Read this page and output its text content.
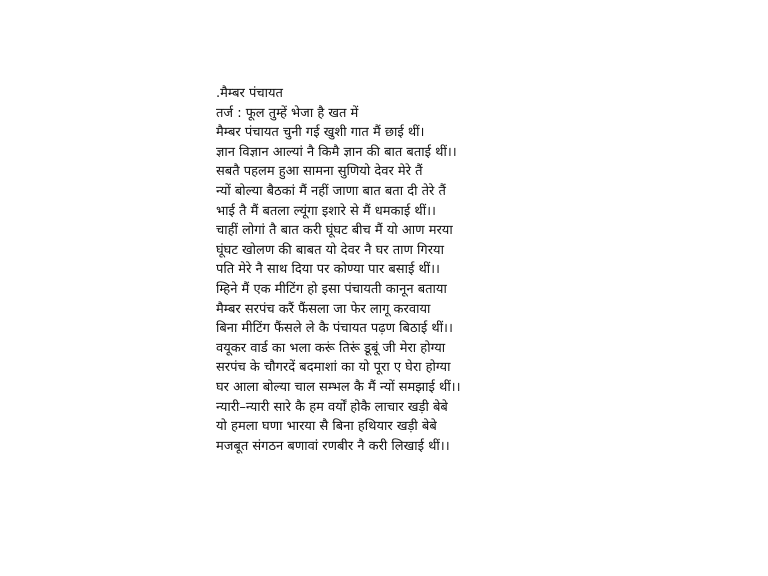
.मैम्बर पंचायत
तर्ज : फूल तुम्हें भेजा है खत में
मैम्बर पंचायत चुनी गई खुशी गात मैं छाई थीं।
ज्ञान विज्ञान आल्यां नै किमै ज्ञान की बात बताई थीं।।
सबतै पहलम हुआ सामना सुणियो देवर मेरे तैं
न्यों बोल्या बैठकां मैं नहीं जाणा बात बता दी तेरे तैं
भाई तै मैं बतला ल्यूंगा इशारे से मैं धमकाई थीं।।
चाहीं लोगां तै बात करी घूंघट बीच मैं यो आण मरया
घूंघट खोलण की बाबत यो देवर नै घर ताण गिरया
पति मेरे नै साथ दिया पर कोण्या पार बसाई थीं।।
म्हिने मैं एक मीटिंग हो इसा पंचायती कानून बताया
मैम्बर सरपंच करैं फैंसला जा फेर लागू करवाया
बिना मीटिंग फैंसले ले कै पंचायत पढ़ण बिठाई थीं।।
वयूकर वार्ड का भला करूं तिरूं डूबूं जी मेरा होग्या
सरपंच के चौगरदें बदमाशां का यो पूरा ए घेरा होग्या
घर आला बोल्या चाल सम्भल कै मैं न्यों समझाई थीं।।
न्यारी–न्यारी सारे कै हम वर्यों होकै लाचार खड़ी बेबे
यो हमला घणा भारया सै बिना हथियार खड़ी बेबे
मजबूत संगठन बणावां रणबीर नै करी लिखाई थीं।।
